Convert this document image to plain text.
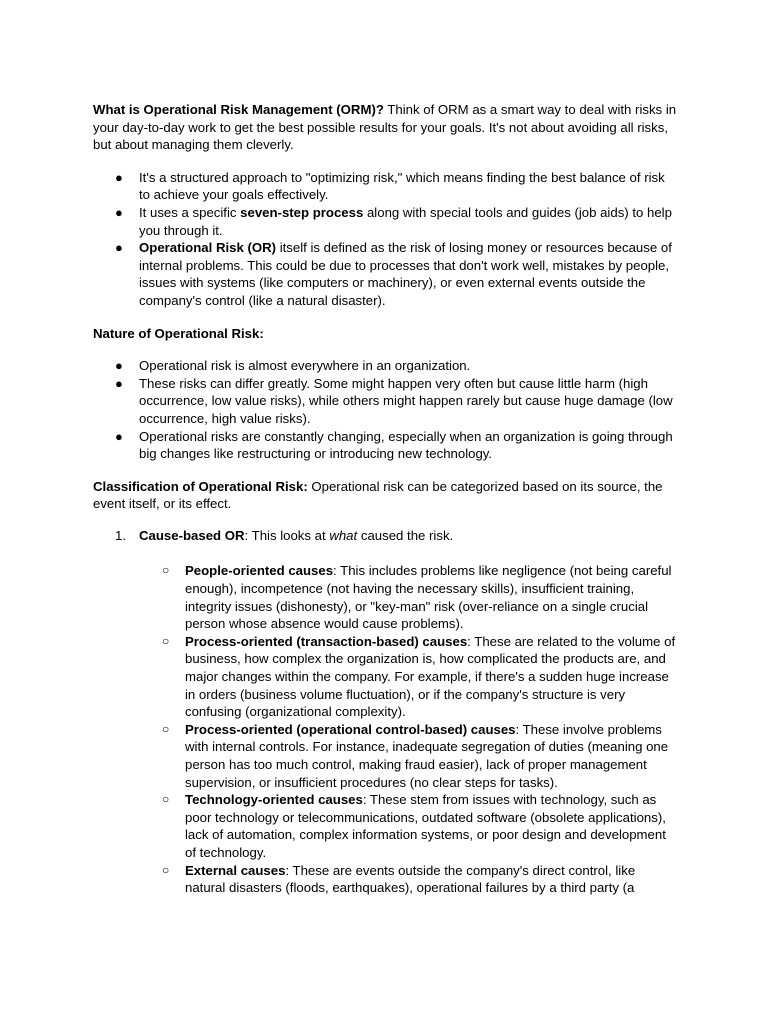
What is Operational Risk Management (ORM)? Think of ORM as a smart way to deal with risks in your day-to-day work to get the best possible results for your goals. It's not about avoiding all risks, but about managing them cleverly.

● It's a structured approach to "optimizing risk," which means finding the best balance of risk to achieve your goals effectively.
● It uses a specific seven-step process along with special tools and guides (job aids) to help you through it.
● Operational Risk (OR) itself is defined as the risk of losing money or resources because of internal problems. This could be due to processes that don't work well, mistakes by people, issues with systems (like computers or machinery), or even external events outside the company's control (like a natural disaster).

Nature of Operational Risk:

● Operational risk is almost everywhere in an organization.
● These risks can differ greatly. Some might happen very often but cause little harm (high occurrence, low value risks), while others might happen rarely but cause huge damage (low occurrence, high value risks).
● Operational risks are constantly changing, especially when an organization is going through big changes like restructuring or introducing new technology.

Classification of Operational Risk: Operational risk can be categorized based on its source, the event itself, or its effect.

1. Cause-based OR: This looks at what caused the risk.
○ People-oriented causes: This includes problems like negligence (not being careful enough), incompetence (not having the necessary skills), insufficient training, integrity issues (dishonesty), or "key-man" risk (over-reliance on a single crucial person whose absence would cause problems).
○ Process-oriented (transaction-based) causes: These are related to the volume of business, how complex the organization is, how complicated the products are, and major changes within the company. For example, if there's a sudden huge increase in orders (business volume fluctuation), or if the company's structure is very confusing (organizational complexity).
○ Process-oriented (operational control-based) causes: These involve problems with internal controls. For instance, inadequate segregation of duties (meaning one person has too much control, making fraud easier), lack of proper management supervision, or insufficient procedures (no clear steps for tasks).
○ Technology-oriented causes: These stem from issues with technology, such as poor technology or telecommunications, outdated software (obsolete applications), lack of automation, complex information systems, or poor design and development of technology.
○ External causes: These are events outside the company's direct control, like natural disasters (floods, earthquakes), operational failures by a third party (a
